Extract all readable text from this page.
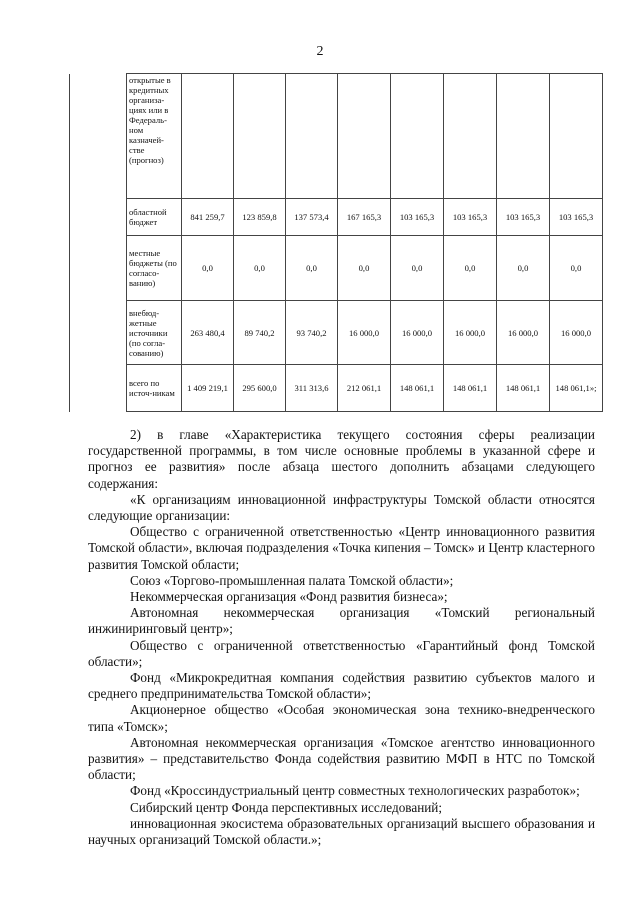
2
	открытые в кредитных организа-циях или в Федераль-ном казначей-стве (прогноз)								
	областной бюджет	841 259,7	123 859,8	137 573,4	167 165,3	103 165,3	103 165,3	103 165,3	103 165,3
	местные бюджеты (по согласо-ванию)	0,0	0,0	0,0	0,0	0,0	0,0	0,0	0,0
	внебюд-жетные источники (по согла-сованию)	263 480,4	89 740,2	93 740,2	16 000,0	16 000,0	16 000,0	16 000,0	16 000,0
	всего по источ-никам	1 409 219,1	295 600,0	311 313,6	212 061,1	148 061,1	148 061,1	148 061,1	148 061,1»;

2) в главе «Характеристика текущего состояния сферы реализации государственной программы, в том числе основные проблемы в указанной сфере и прогноз ее развития» после абзаца шестого дополнить абзацами следующего содержания:

«К организациям инновационной инфраструктуры Томской области относятся следующие организации:

Общество с ограниченной ответственностью «Центр инновационного развития Томской области», включая подразделения «Точка кипения – Томск» и Центр кластерного развития Томской области;

Союз «Торгово-промышленная палата Томской области»;

Некоммерческая организация «Фонд развития бизнеса»;

Автономная некоммерческая организация «Томский региональный инжиниринговый центр»;

Общество с ограниченной ответственностью «Гарантийный фонд Томской области»;

Фонд «Микрокредитная компания содействия развитию субъектов малого и среднего предпринимательства Томской области»;

Акционерное общество «Особая экономическая зона технико-внедренческого типа «Томск»;

Автономная некоммерческая организация «Томское агентство инновационного развития» – представительство Фонда содействия развитию МФП в НТС по Томской области;

Фонд «Кроссиндустриальный центр совместных технологических разработок»;

Сибирский центр Фонда перспективных исследований;

инновационная экосистема образовательных организаций высшего образования и научных организаций Томской области.»;
